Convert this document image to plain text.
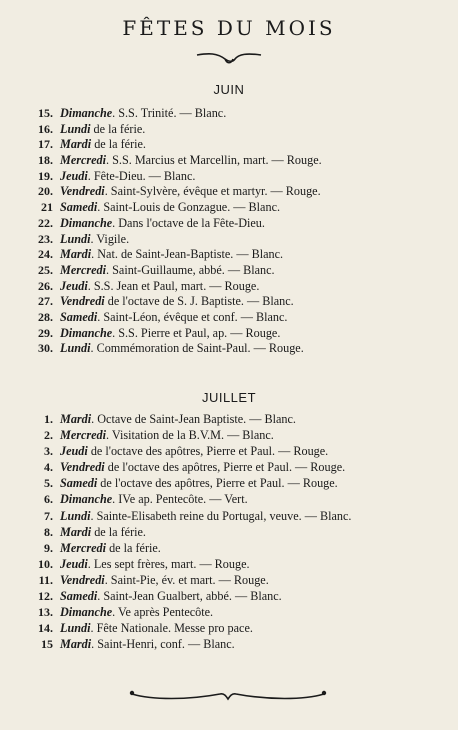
FÊTES DU MOIS
JUIN
15. Dimanche. S.S. Trinité. — Blanc.
16. Lundi de la férie.
17. Mardi de la férie.
18. Mercredi. S.S. Marcius et Marcellin, mart. — Rouge.
19. Jeudi. Fête-Dieu. — Blanc.
20. Vendredi. Saint-Sylvère, évêque et martyr. — Rouge.
21 Samedi. Saint-Louis de Gonzague. — Blanc.
22. Dimanche. Dans l'octave de la Fête-Dieu.
23. Lundi. Vigile.
24. Mardi. Nat. de Saint-Jean-Baptiste. — Blanc.
25. Mercredi. Saint-Guillaume, abbé. — Blanc.
26. Jeudi. S.S. Jean et Paul, mart. — Rouge.
27. Vendredi de l'octave de S. J. Baptiste. — Blanc.
28. Samedi. Saint-Léon, évêque et conf. — Blanc.
29. Dimanche. S.S. Pierre et Paul, ap. — Rouge.
30. Lundi. Commémoration de Saint-Paul. — Rouge.
JUILLET
1. Mardi. Octave de Saint-Jean Baptiste. — Blanc.
2. Mercredi. Visitation de la B.V.M. — Blanc.
3. Jeudi de l'octave des apôtres, Pierre et Paul. — Rouge.
4. Vendredi de l'octave des apôtres, Pierre et Paul. — Rouge.
5. Samedi de l'octave des apôtres, Pierre et Paul. — Rouge.
6. Dimanche. IVe ap. Pentecôte. — Vert.
7. Lundi. Sainte-Elisabeth reine du Portugal, veuve. — Blanc.
8. Mardi de la férie.
9. Mercredi de la férie.
10. Jeudi. Les sept frères, mart. — Rouge.
11. Vendredi. Saint-Pie, év. et mart. — Rouge.
12. Samedi. Saint-Jean Gualbert, abbé. — Blanc.
13. Dimanche. Ve après Pentecôte.
14. Lundi. Fête Nationale. Messe pro pace.
15 Mardi. Saint-Henri, conf. — Blanc.
